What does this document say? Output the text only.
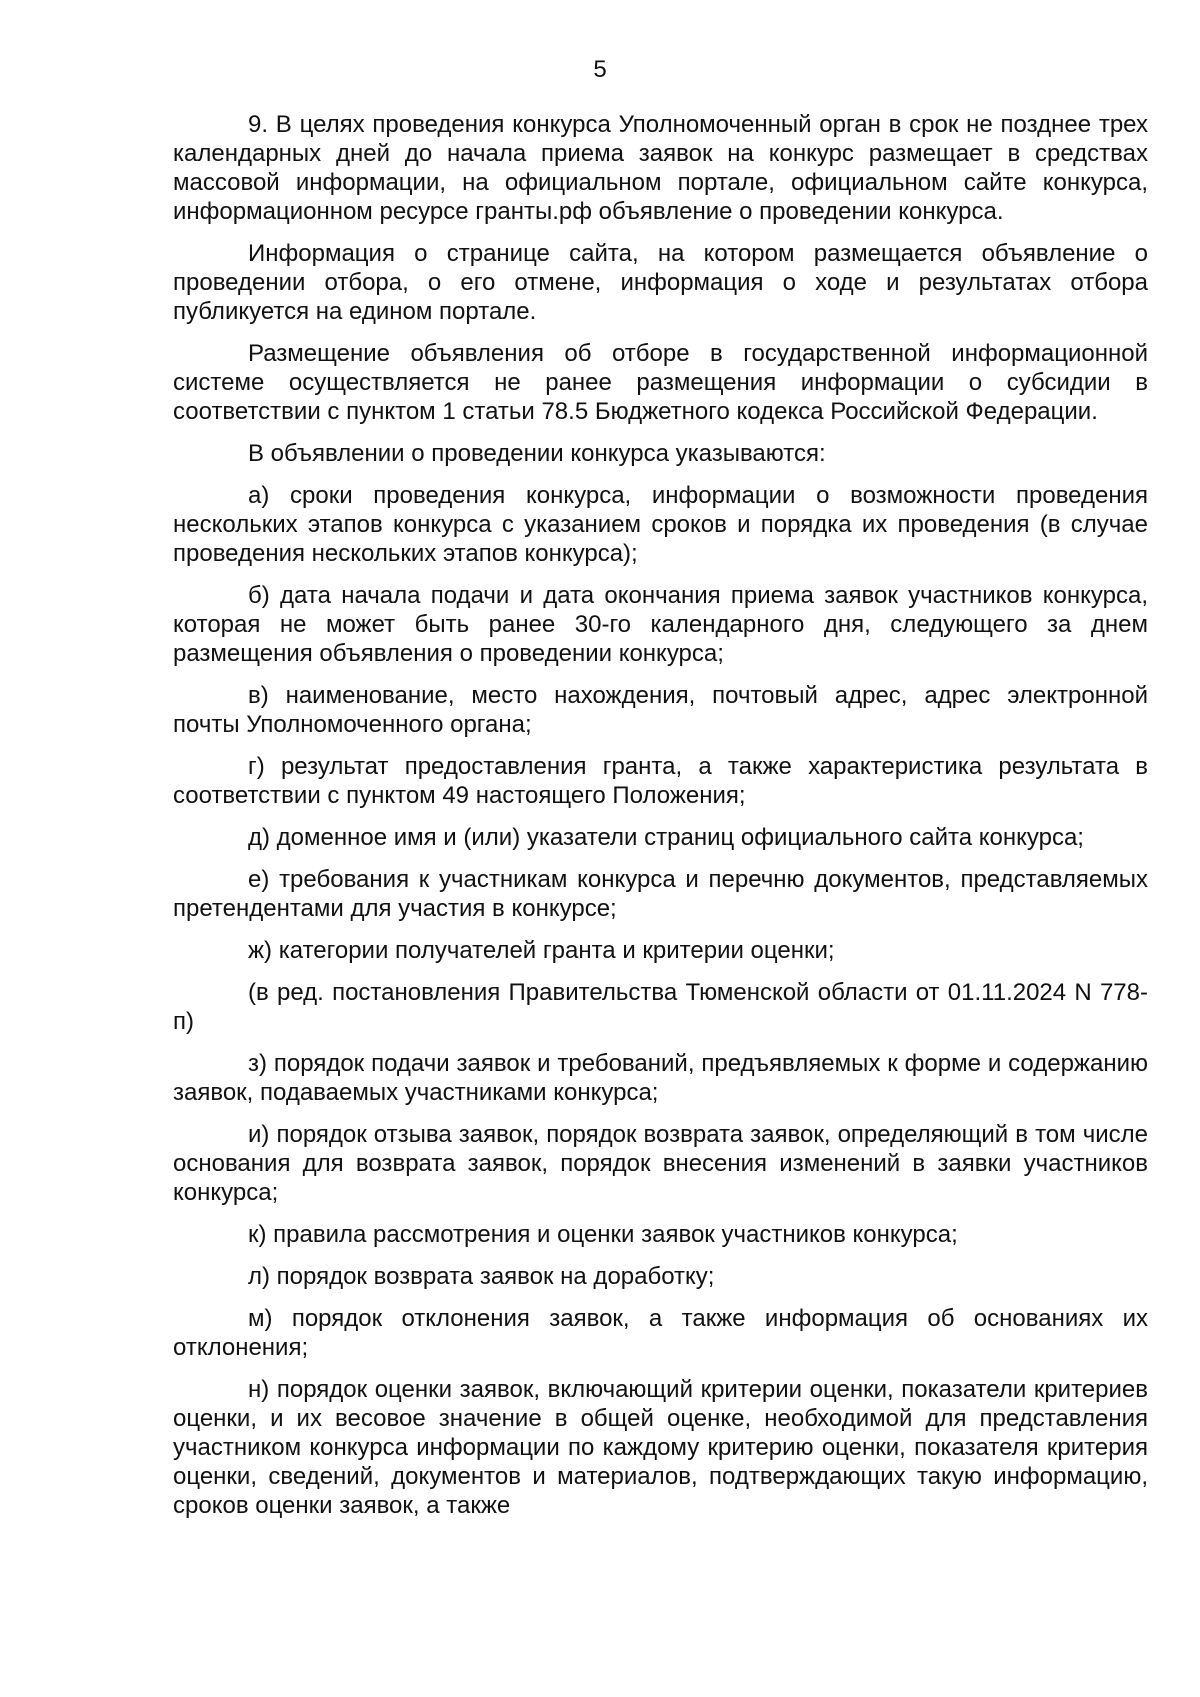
5

9. В целях проведения конкурса Уполномоченный орган в срок не позднее трех календарных дней до начала приема заявок на конкурс размещает в средствах массовой информации, на официальном портале, официальном сайте конкурса, информационном ресурсе гранты.рф объявление о проведении конкурса.

Информация о странице сайта, на котором размещается объявление о проведении отбора, о его отмене, информация о ходе и результатах отбора публикуется на едином портале.

Размещение объявления об отборе в государственной информационной системе осуществляется не ранее размещения информации о субсидии в соответствии с пунктом 1 статьи 78.5 Бюджетного кодекса Российской Федерации.

В объявлении о проведении конкурса указываются:

а) сроки проведения конкурса, информации о возможности проведения нескольких этапов конкурса с указанием сроков и порядка их проведения (в случае проведения нескольких этапов конкурса);

б) дата начала подачи и дата окончания приема заявок участников конкурса, которая не может быть ранее 30-го календарного дня, следующего за днем размещения объявления о проведении конкурса;

в) наименование, место нахождения, почтовый адрес, адрес электронной почты Уполномоченного органа;

г) результат предоставления гранта, а также характеристика результата в соответствии с пунктом 49 настоящего Положения;

д) доменное имя и (или) указатели страниц официального сайта конкурса;

е) требования к участникам конкурса и перечню документов, представляемых претендентами для участия в конкурсе;

ж) категории получателей гранта и критерии оценки;

(в ред. постановления Правительства Тюменской области от 01.11.2024 N 778-п)

з) порядок подачи заявок и требований, предъявляемых к форме и содержанию заявок, подаваемых участниками конкурса;

и) порядок отзыва заявок, порядок возврата заявок, определяющий в том числе основания для возврата заявок, порядок внесения изменений в заявки участников конкурса;

к) правила рассмотрения и оценки заявок участников конкурса;

л) порядок возврата заявок на доработку;

м) порядок отклонения заявок, а также информация об основаниях их отклонения;

н) порядок оценки заявок, включающий критерии оценки, показатели критериев оценки, и их весовое значение в общей оценке, необходимой для представления участником конкурса информации по каждому критерию оценки, показателя критерия оценки, сведений, документов и материалов, подтверждающих такую информацию, сроков оценки заявок, а также
